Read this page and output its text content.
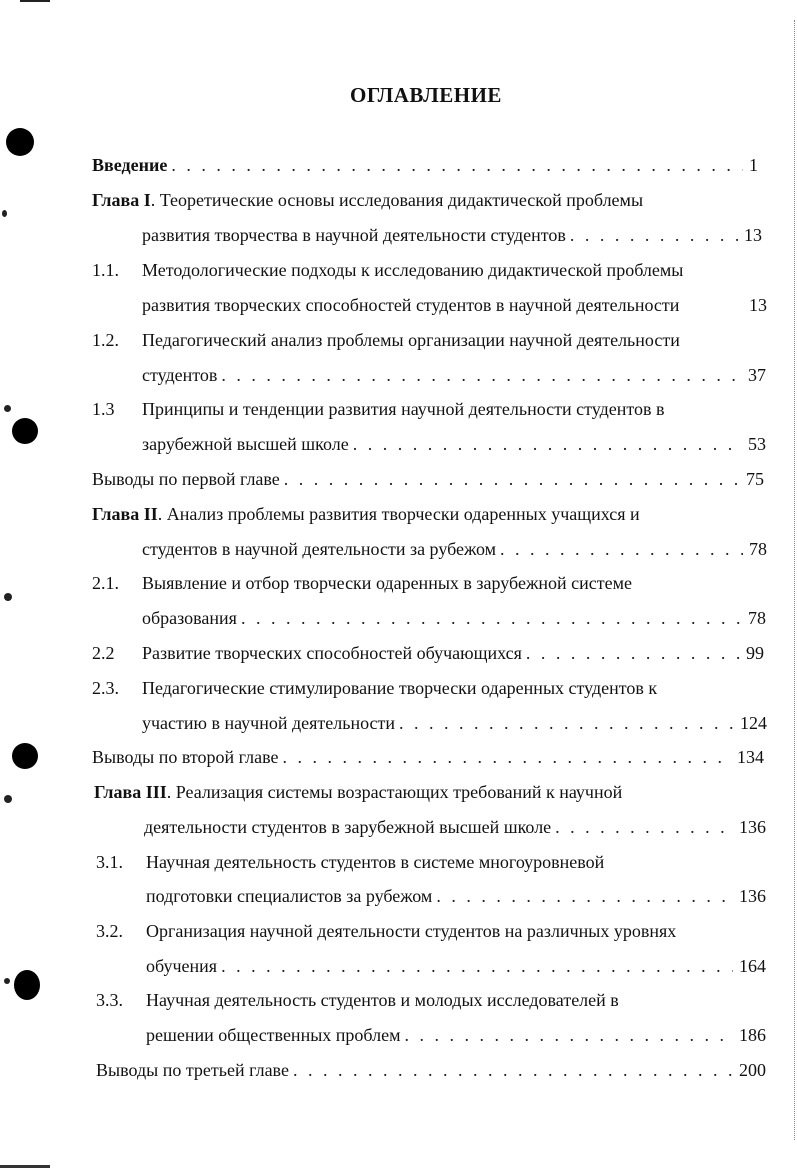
ОГЛАВЛЕНИЕ
Введение . . .	1
Глава I . Теоретические основы исследования дидактической проблемы
развития творчества в научной деятельности студентов . . .	13
1.1.	Методологические подходы к исследованию дидактической проблемы
развития творческих способностей студентов в научной деятельности	13
1.2.	Педагогический анализ проблемы организации научной деятельности
студентов . . .	37
1.3	Принципы и тенденции развития научной деятельности студентов в
зарубежной высшей школе . . .	53
Выводы по первой главе . . .	75
Глава II . Анализ проблемы развития творчески одаренных учащихся и
студентов в научной деятельности за рубежом . . .	78
2.1.	Выявление и отбор творчески одаренных в зарубежной системе
образования . . .	78
2.2	Развитие творческих способностей обучающихся . . .	99
2.3.	Педагогические стимулирование творчески одаренных студентов к
участию в научной деятельности . . .	124
Выводы по второй главе . . .	134
Глава III . Реализация системы возрастающих требований к научной
деятельности студентов в зарубежной высшей школе . . .	136
3.1.	Научная деятельность студентов в системе многоуровневой
подготовки специалистов за рубежом . . .	136
3.2.	Организация научной деятельности студентов на различных уровнях
обучения . . .	164
3.3.	Научная деятельность студентов и молодых исследователей в
решении общественных проблем . . .	186
Выводы по третьей главе . . .	200
